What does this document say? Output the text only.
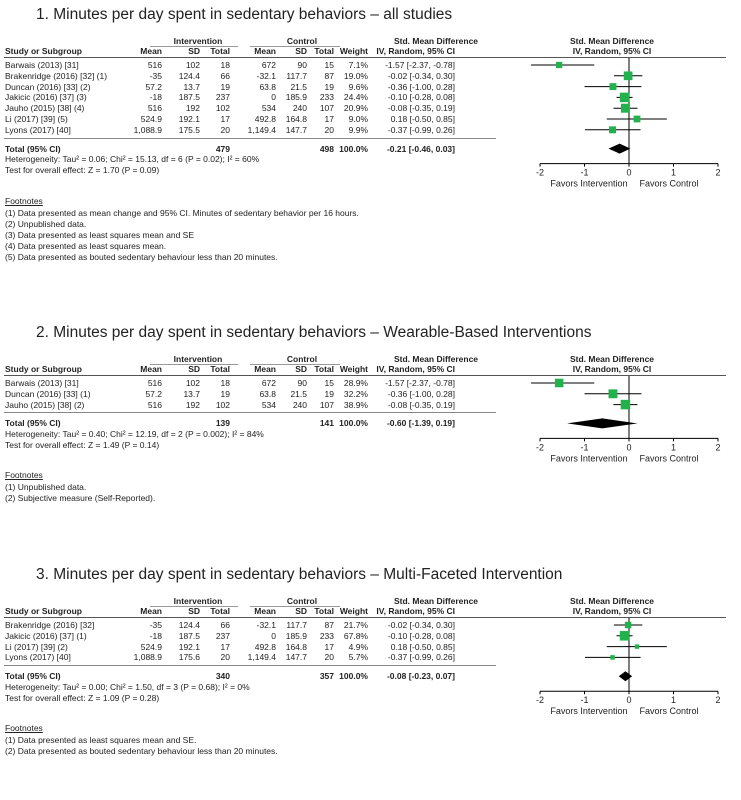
1. Minutes per day spent in sedentary behaviors – all studies
Intervention	Control	Std. Mean Difference	Std. Mean Difference
Study or Subgroup	Mean	SD	Total	Mean	SD Total Weight IV, Random, 95% CI	IV, Random, 95% CI
Barwais (2013) [31]	516	102	18	672	90	15	7.1%	-1.57 [-2.37, -0.78]
Brakenridge (2016) [32] (1)	-35	124.4	66	-32.1	117.7	87	19.0%	-0.02 [-0.34, 0.30]
Duncan (2016) [33] (2)	57.2	13.7	19	63.8	21.5	19	9.6%	-0.36 [-1.00, 0.28]
Jakicic (2016) [37] (3)	-18	187.5	237	0	185.9	233	24.4%	-0.10 [-0.28, 0.08]
Jauho (2015) [38] (4)	516	192	102	534	240	107	20.9%	-0.08 [-0.35, 0.19]
Li (2017) [39] (5)	524.9	192.1	17	492.8	164.8	17	9.0%	0.18 [-0.50, 0.85]
Lyons (2017) [40]	1,088.9	175.5	20	1,149.4	147.7	20	9.9%	-0.37 [-0.99, 0.26]
Total (95% CI)	479	498 100.0%	-0.21 [-0.46, 0.03]
Heterogeneity: Tau² = 0.06; Chi² = 15.13, df = 6 (P = 0.02); I² = 60%
Test for overall effect: Z = 1.70 (P = 0.09)	-2	-1	0	1	2
Favors Intervention Favors Control
Footnotes
(1) Data presented as mean change and 95% CI. Minutes of sedentary behavior per 16 hours.
(2) Unpublished data.
(3) Data presented as least squares mean and SE
(4) Data presented as least squares mean.
(5) Data presented as bouted sedentary behaviour less than 20 minutes.
2. Minutes per day spent in sedentary behaviors – Wearable-Based Interventions
Intervention	Control	Std. Mean Difference	Std. Mean Difference
Study or Subgroup	Mean	SD	Total	Mean	SD Total Weight IV, Random, 95% CI	IV, Random, 95% CI
Barwais (2013) [31]	516	102	18	672	90	15	28.9%	-1.57 [-2.37, -0.78]
Duncan (2016) [33] (1)	57.2	13.7	19	63.8	21.5	19	32.2%	-0.36 [-1.00, 0.28]
Jauho (2015) [38] (2)	516	192	102	534	240	107	38.9%	-0.08 [-0.35, 0.19]
Total (95% CI)	139	141 100.0%	-0.60 [-1.39, 0.19]
Heterogeneity: Tau² = 0.40; Chi² = 12.19, df = 2 (P = 0.002); I² = 84%
Test for overall effect: Z = 1.49 (P = 0.14)	-2	-1	0	1	2
Favors Intervention Favors Control
Footnotes
(1) Unpublished data.
(2) Subjective measure (Self-Reported).
3. Minutes per day spent in sedentary behaviors – Multi-Faceted Intervention
Intervention	Control	Std. Mean Difference	Std. Mean Difference
Study or Subgroup	Mean	SD	Total	Mean	SD Total Weight IV, Random, 95% CI	IV, Random, 95% CI
Brakenridge (2016) [32]	-35	124.4	66	-32.1	117.7	87	21.7%	-0.02 [-0.34, 0.30]
Jakicic (2016) [37] (1)	-18	187.5	237	0	185.9	233	67.8%	-0.10 [-0.28, 0.08]
Li (2017) [39] (2)	524.9	192.1	17	492.8	164.8	17	4.9%	0.18 [-0.50, 0.85]
Lyons (2017) [40]	1,088.9	175.6	20	1,149.4	147.7	20	5.7%	-0.37 [-0.99, 0.26]
Total (95% CI)	340	357 100.0%	-0.08 [-0.23, 0.07]
Heterogeneity: Tau² = 0.00; Chi² = 1.50, df = 3 (P = 0.68); I² = 0%
Test for overall effect: Z = 1.09 (P = 0.28)	-2	-1	0	1	2
Favors Intervention Favors Control
Footnotes
(1) Data presented as least squares mean and SE.
(2) Data presented as bouted sedentary behaviour less than 20 minutes.
